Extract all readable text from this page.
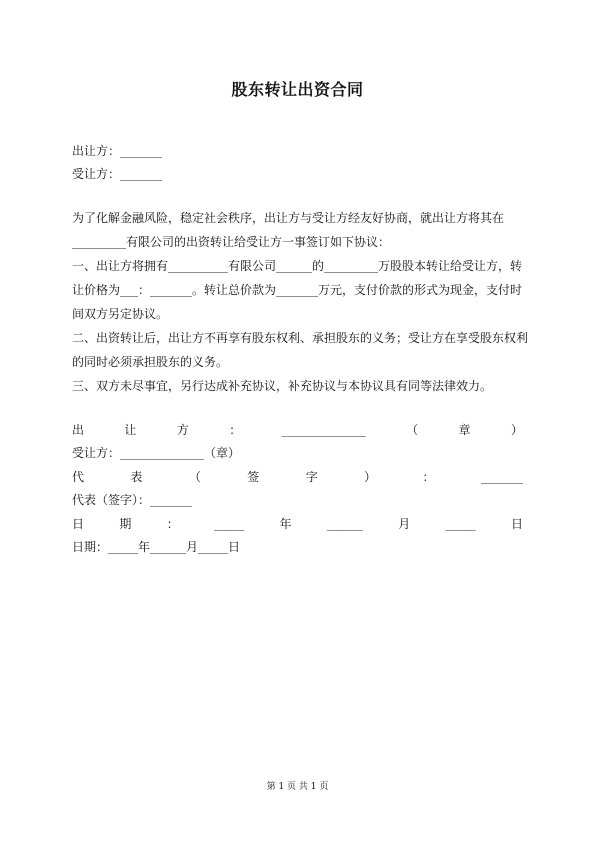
股东转让出资合同
出让方：_______
受让方：_______
为了化解金融风险，稳定社会秩序，出让方与受让方经友好协商，就出让方将其在
_________有限公司的出资转让给受让方一事签订如下协议：
一、出让方将拥有__________有限公司______的_________万股股本转让给受让方，转
让价格为___：_______。转让总价款为_______万元，支付价款的形式为现金，支付时
间双方另定协议。
二、出资转让后，出让方不再享有股东权利、承担股东的义务；受让方在享受股东权利
的同时必须承担股东的义务。
三、双方未尽事宜，另行达成补充协议，补充协议与本协议具有同等法律效力。
出	让	方	：	______________	（	章	）
受让方：______________（章）
代	表	（	签	字	）	：	_______
代表（签字）：_______
日	期	：	_____	年	______	月	_____	日
日期：_____年______月_____日
第 1 页 共 1 页
